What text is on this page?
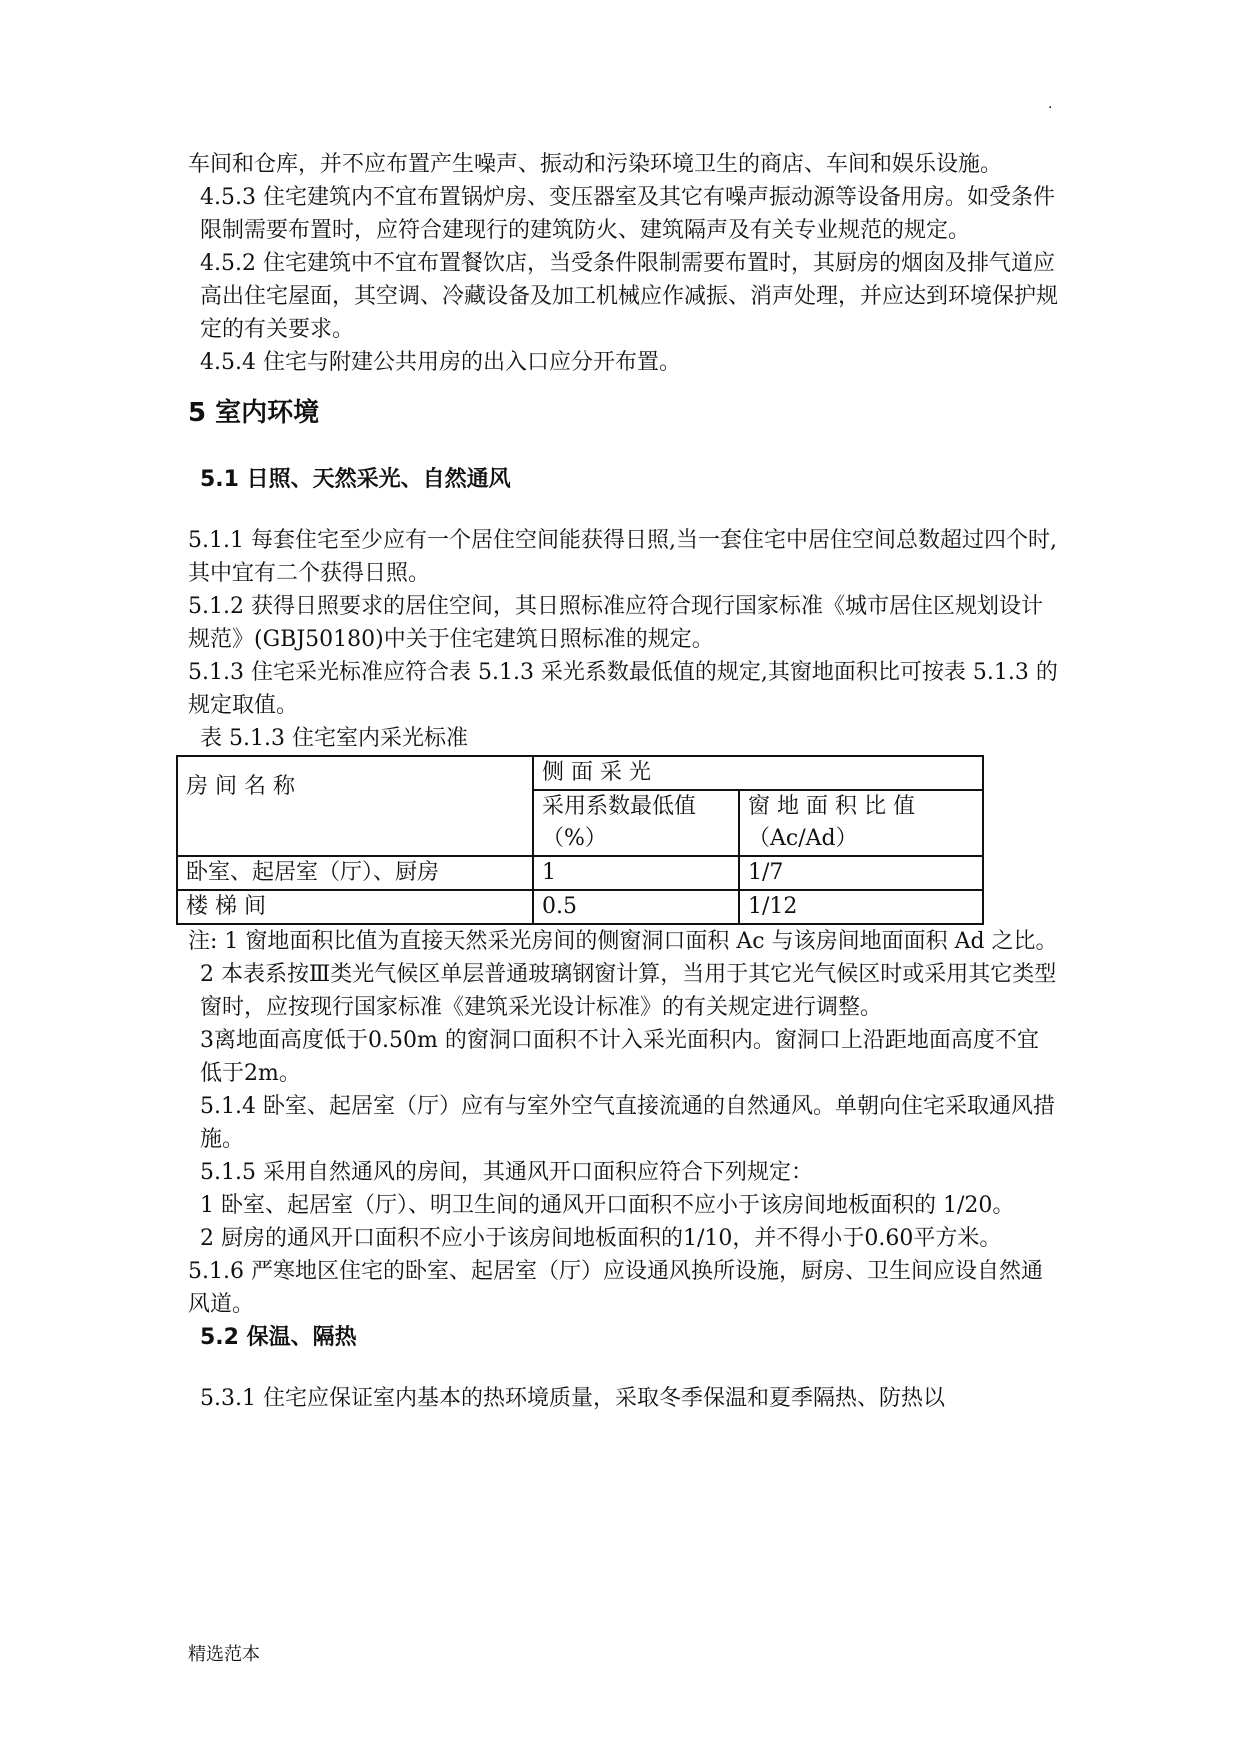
.

车间和仓库，并不应布置产生噪声、振动和污染环境卫生的商店、车间和娱乐设施。

4.5.3 住宅建筑内不宜布置锅炉房、变压器室及其它有噪声振动源等设备用房。如受条件限制需要布置时，应符合建现行的建筑防火、建筑隔声及有关专业规范的规定。

4.5.2 住宅建筑中不宜布置餐饮店，当受条件限制需要布置时，其厨房的烟囱及排气道应高出住宅屋面，其空调、冷藏设备及加工机械应作减振、消声处理，并应达到环境保护规定的有关要求。

4.5.4 住宅与附建公共用房的出入口应分开布置。

5 室内环境
5.1 日照、天然采光、自然通风

5.1.1 每套住宅至少应有一个居住空间能获得日照,当一套住宅中居住空间总数超过四个时,其中宜有二个获得日照。

5.1.2 获得日照要求的居住空间，其日照标准应符合现行国家标准《城市居住区规划设计规范》(GBJ50180)中关于住宅建筑日照标准的规定。

5.1.3 住宅采光标准应符合表 5.1.3 采光系数最低值的规定,其窗地面积比可按表 5.1.3 的规定取值。

表 5.1.3 住宅室内采光标准

房 间 名 称	侧 面 采 光	
	采用系数最低值（%）	窗 地 面 积 比 值（Ac/Ad）
卧室、起居室（厅）、厨房	1	1/7
楼 梯 间	0.5	1/12

注: 1 窗地面积比值为直接天然采光房间的侧窗洞口面积 Ac 与该房间地面面积 Ad 之比。

2 本表系按Ⅲ类光气候区单层普通玻璃钢窗计算，当用于其它光气候区时或采用其它类型窗时，应按现行国家标准《建筑采光设计标准》的有关规定进行调整。

3离地面高度低于0.50m 的窗洞口面积不计入采光面积内。窗洞口上沿距地面高度不宜低于2m。

5.1.4 卧室、起居室（厅）应有与室外空气直接流通的自然通风。单朝向住宅采取通风措施。

5.1.5 采用自然通风的房间，其通风开口面积应符合下列规定：

1 卧室、起居室（厅）、明卫生间的通风开口面积不应小于该房间地板面积的 1/20。

2 厨房的通风开口面积不应小于该房间地板面积的1/10，并不得小于0.60平方米。

5.1.6 严寒地区住宅的卧室、起居室（厅）应设通风换所设施，厨房、卫生间应设自然通风道。

5.2 保温、隔热

5.3.1 住宅应保证室内基本的热环境质量，采取冬季保温和夏季隔热、防热以

精选范本
